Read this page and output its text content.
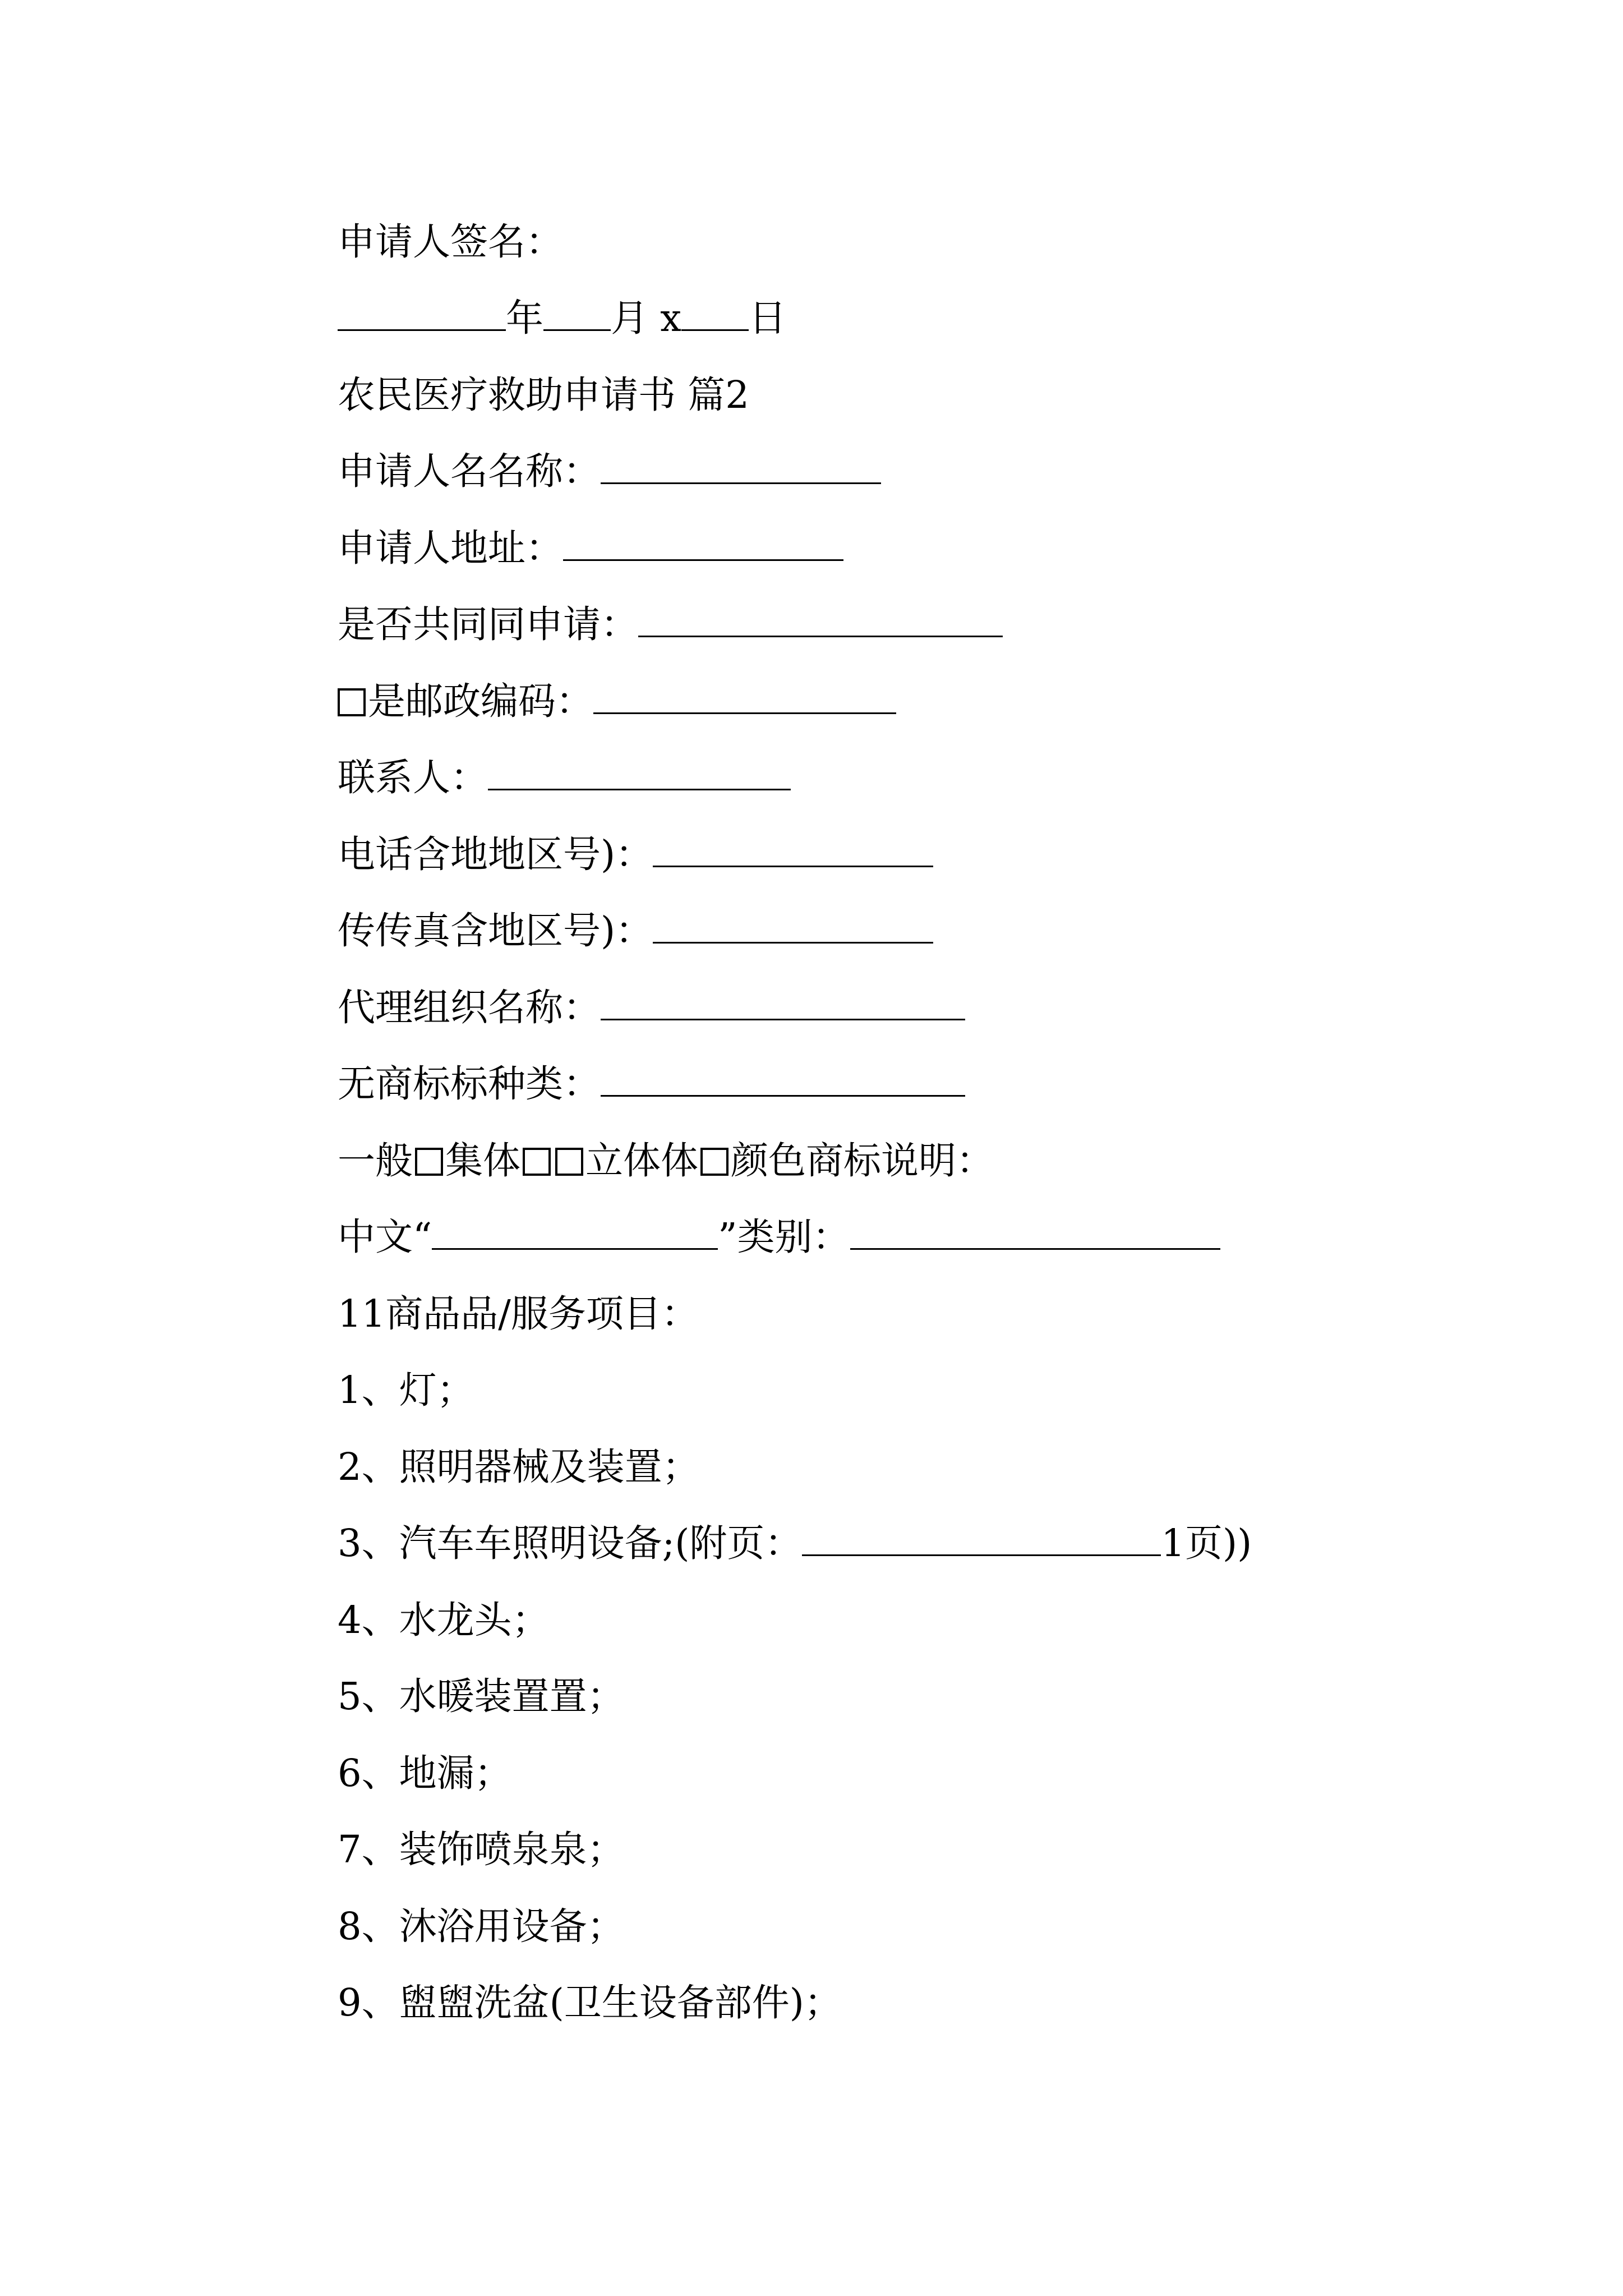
申请人签名：
年 月 x 日
农民医疗救助申请书 篇2
申请人名名称：
申请人地址：
是否共同同申请：
是邮政编码：
联系人：
电话含地地区号)：
传传真含地区号)：
代理组织名称：
无商标标种类：
一般 集体 立体体 颜色商标说明：
中文“	”类别：
11商品品/服务项目：
1、灯；
2、照明器械及装置；
3、汽车车照明设备;(附页：	1页))
4、水龙头；
5、水暖装置置；
6、地漏；
7、装饰喷泉泉；
8、沐浴用设备；
9、盥盥洗盆(卫生设备部件)；
